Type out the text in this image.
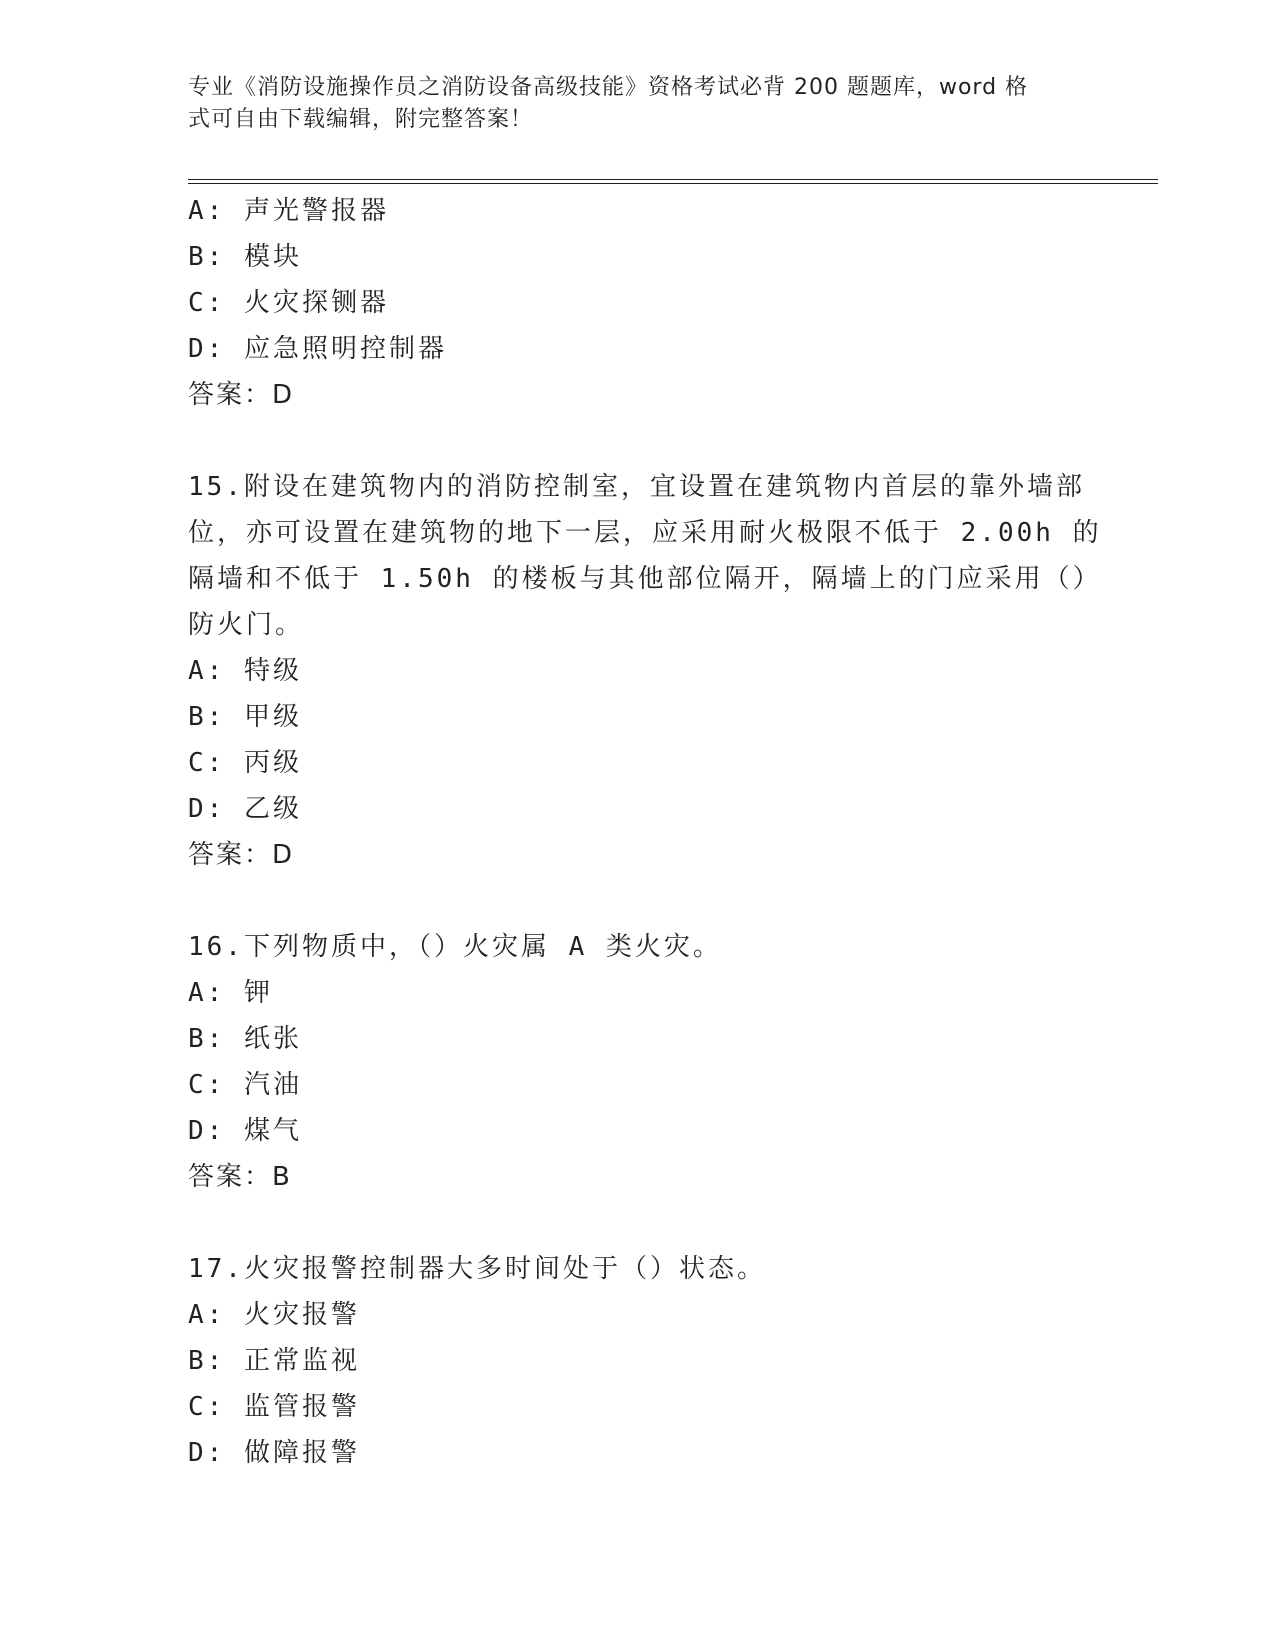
专业《消防设施操作员之消防设备高级技能》资格考试必背 200 题题库，word 格
式可自由下载编辑，附完整答案！
A: 声光警报器
B: 模块
C: 火灾探铡器
D: 应急照明控制器
答案：D
15.附设在建筑物内的消防控制室，宜设置在建筑物内首层的靠外墙部
位，亦可设置在建筑物的地下一层，应采用耐火极限不低于 2.00h 的
隔墙和不低于 1.50h 的楼板与其他部位隔开，隔墙上的门应采用（）
防火门。
A: 特级
B: 甲级
C: 丙级
D: 乙级
答案：D
16.下列物质中，（）火灾属 A 类火灾。
A: 钾
B: 纸张
C: 汽油
D: 煤气
答案：B
17.火灾报警控制器大多时间处于（）状态。
A: 火灾报警
B: 正常监视
C: 监管报警
D: 做障报警
